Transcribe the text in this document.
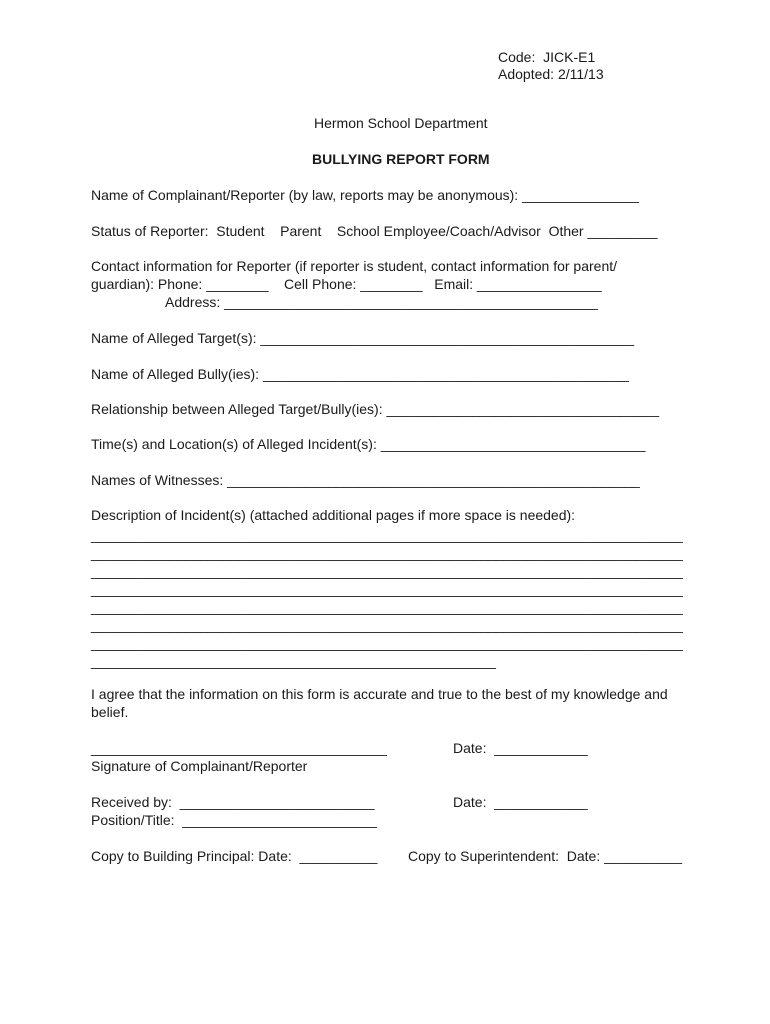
Code:  JICK-E1
Adopted: 2/11/13
Hermon School Department
BULLYING REPORT FORM
Name of Complainant/Reporter (by law, reports may be anonymous): _______________
Status of Reporter:  Student    Parent    School Employee/Coach/Advisor  Other _________
Contact information for Reporter (if reporter is student, contact information for parent/
guardian): Phone: ________    Cell Phone: ________   Email: ________________
Address: ________________________________________________
Name of Alleged Target(s): ________________________________________________
Name of Alleged Bully(ies): _______________________________________________
Relationship between Alleged Target/Bully(ies): ___________________________________
Time(s) and Location(s) of Alleged Incident(s): __________________________________
Names of Witnesses: _____________________________________________________
Description of Incident(s) (attached additional pages if more space is needed):
____________________________________________________________________________
____________________________________________________________________________
____________________________________________________________________________
____________________________________________________________________________
____________________________________________________________________________
____________________________________________________________________________
____________________________________________________________________________
____________________________________________________
I agree that the information on this form is accurate and true to the best of my knowledge and
belief.
______________________________________	Date:  ____________
Signature of Complainant/Reporter
Received by:  _________________________	Date:  ____________
Position/Title:  _________________________
Copy to Building Principal: Date:  __________ Copy to Superintendent:  Date: __________
